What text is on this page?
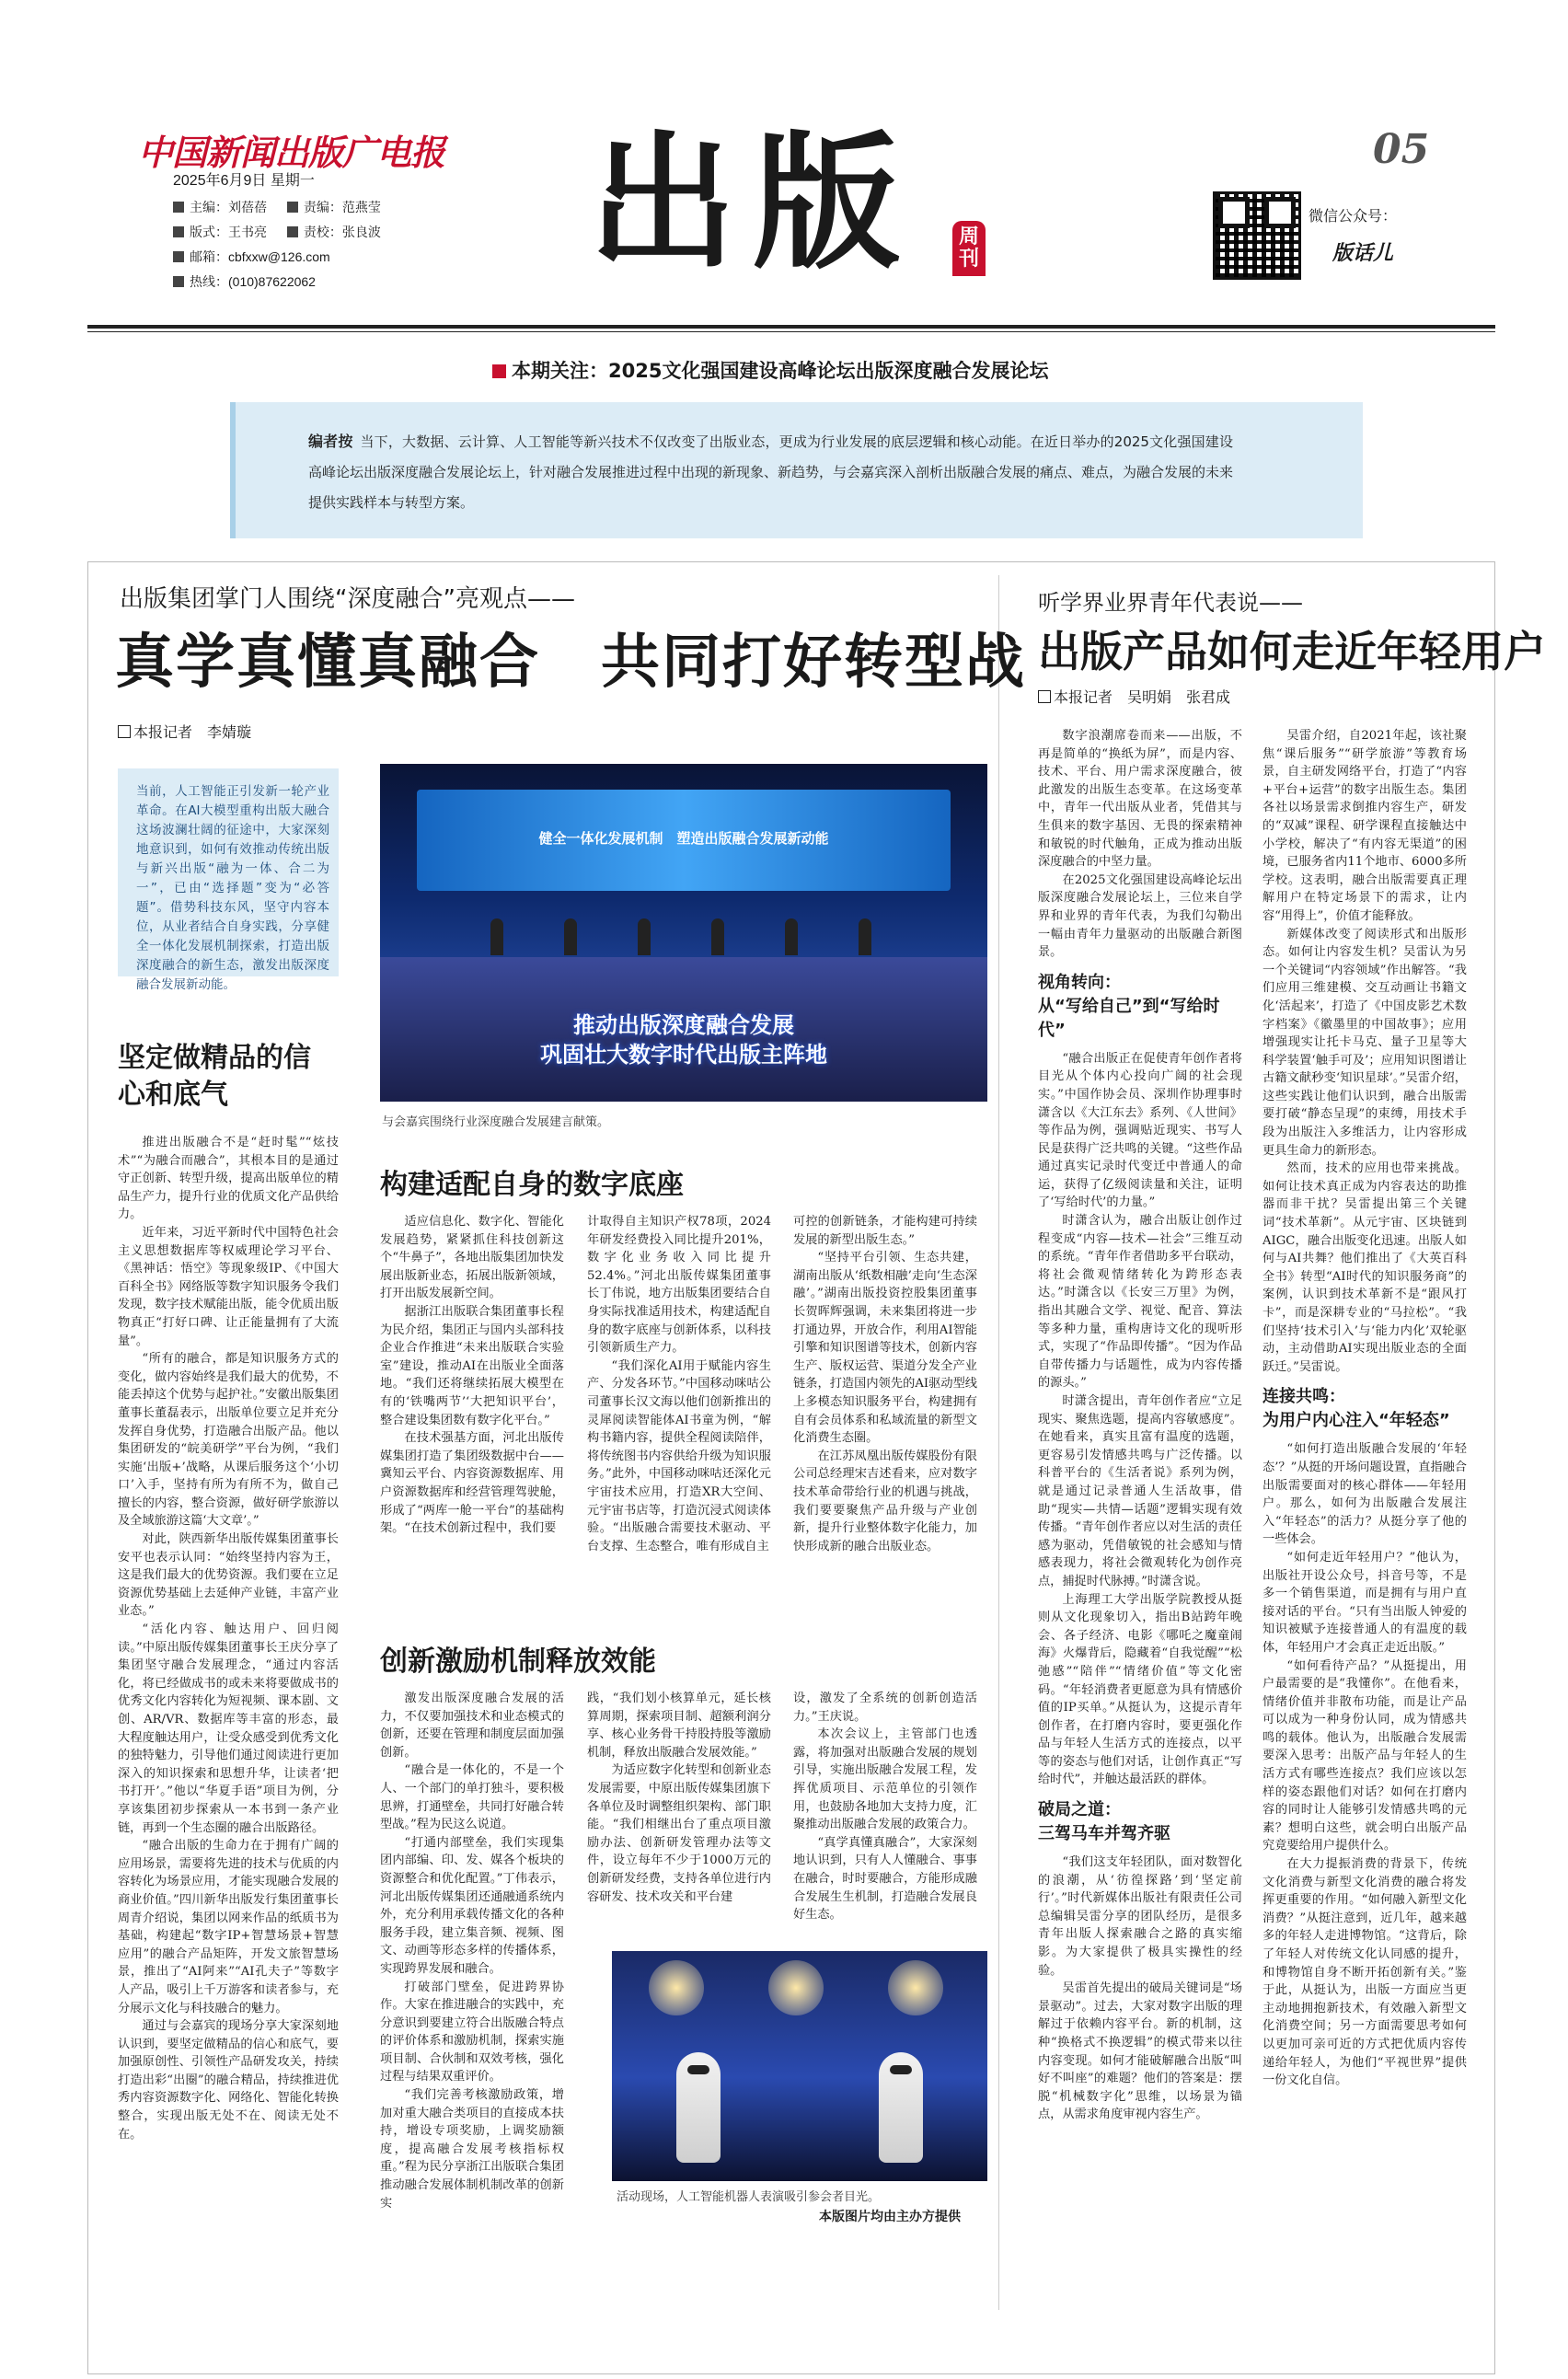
中国新闻出版广电报
2025年6月9日 星期一
主编：刘蓓蓓	责编：范燕莹
版式：王书亮	责校：张良波
邮箱：cbfxxw@126.com
热线：(010)87622062 出版	周刊
05
微信公众号：
版话儿
本期关注：2025文化强国建设高峰论坛出版深度融合发展论坛
编者按 当下，大数据、云计算、人工智能等新兴技术不仅改变了出版业态，更成为行业发展的底层逻辑和核心动能。在近日举办的2025文化强国建设高峰论坛出版深度融合发展论坛上，针对融合发展推进过程中出现的新现象、新趋势，与会嘉宾深入剖析出版融合发展的痛点、难点，为融合发展的未来提供实践样本与转型方案。
出版集团掌门人围绕“深度融合”亮观点——
真学真懂真融合　共同打好转型战
本报记者　李婧璇
当前，人工智能正引发新一轮产业革命。在AI大模型重构出版大融合这场波澜壮阔的征途中，大家深刻地意识到，如何有效推动传统出版与新兴出版“融为一体、合二为一”，已由“选择题”变为“必答题”。借势科技东风，坚守内容本位，从业者结合自身实践，分享健全一体化发展机制探索，打造出版深度融合的新生态，激发出版深度融合发展新动能。
健全一体化发展机制　塑造出版融合发展新动能
推动出版深度融合发展
巩固壮大数字时代出版主阵地
与会嘉宾围绕行业深度融合发展建言献策。
坚定做精品的信心和底气

推进出版融合不是“赶时髦”“炫技术”“为融合而融合”，其根本目的是通过守正创新、转型升级，提高出版单位的精品生产力，提升行业的优质文化产品供给力。

近年来，习近平新时代中国特色社会主义思想数据库等权威理论学习平台、《黑神话：悟空》等现象级IP、《中国大百科全书》网络版等数字知识服务令我们发现，数字技术赋能出版，能令优质出版物真正“打好口碑、让正能量拥有了大流量”。

“所有的融合，都是知识服务方式的变化，做内容始终是我们最大的优势，不能丢掉这个优势与起护社。”安徽出版集团董事长董磊表示，出版单位要立足并充分发挥自身优势，打造融合出版产品。他以集团研发的“皖美研学”平台为例，“我们实施‘出版+’战略，从课后服务这个‘小切口’入手，坚持有所为有所不为，做自己擅长的内容，整合资源，做好研学旅游以及全域旅游这篇‘大文章’。”

对此，陕西新华出版传媒集团董事长安平也表示认同：“始终坚持内容为王，这是我们最大的优势资源。我们要在立足资源优势基础上去延伸产业链，丰富产业业态。”

“活化内容、触达用户、回归阅读。”中原出版传媒集团董事长王庆分享了集团坚守融合发展理念，“通过内容活化，将已经做成书的或未来将要做成书的优秀文化内容转化为短视频、课本剧、文创、AR/VR、数据库等丰富的形态，最大程度触达用户，让受众感受到优秀文化的独特魅力，引导他们通过阅读进行更加深入的知识探索和思想升华，让读者‘把书打开’。”他以“华夏手语”项目为例，分享该集团初步探索从一本书到一条产业链，再到一个生态圈的融合出版路径。

“融合出版的生命力在于拥有广阔的应用场景，需要将先进的技术与优质的内容转化为场景应用，才能实现融合发展的商业价值。”四川新华出版发行集团董事长周青介绍说，集团以网来作品的纸质书为基础，构建起“数字IP+智慧场景+智慧应用”的融合产品矩阵，开发文旅智慧场景，推出了“AI阿来”“AI孔夫子”等数字人产品，吸引上千万游客和读者参与，充分展示文化与科技融合的魅力。

通过与会嘉宾的现场分享大家深刻地认识到，要坚定做精品的信心和底气，要加强原创性、引领性产品研发攻关，持续打造出彩“出圈”的融合精品，持续推进优秀内容资源数字化、网络化、智能化转换整合，实现出版无处不在、阅读无处不在。

构建适配自身的数字底座

适应信息化、数字化、智能化发展趋势，紧紧抓住科技创新这个“牛鼻子”，各地出版集团加快发展出版新业态，拓展出版新领域，打开出版发展新空间。

据浙江出版联合集团董事长程为民介绍，集团正与国内头部科技企业合作推进“未来出版联合实验室”建设，推动AI在出版业全面落地。“我们还将继续拓展大模型在有的‘铁嘴两节’‘大把知识平台’，整合建设集团数有数字化平台。”

在技术强基方面，河北出版传媒集团打造了集团级数据中台——冀知云平台、内容资源数据库、用户资源数据库和经营管理驾驶舱，形成了“两库一舱一平台”的基础构架。“在技术创新过程中，我们要

计取得自主知识产权78项，2024年研发经费投入同比提升201%，数字化业务收入同比提升52.4%。”河北出版传媒集团董事长丁伟说，地方出版集团要结合自身实际找准适用技术，构建适配自身的数字底座与创新体系，以科技引领新质生产力。

“我们深化AI用于赋能内容生产、分发各环节。”中国移动咪咕公司董事长汉文海以他们创新推出的灵犀阅读智能体AI书童为例，“解构书籍内容，提供全程阅读陪伴，将传统图书内容供给升级为知识服务。”此外，中国移动咪咕还深化元宇宙技术应用，打造XR大空间、元宇宙书店等，打造沉浸式阅读体验。“出版融合需要技术驱动、平台支撑、生态整合，唯有形成自主

可控的创新链条，才能构建可持续发展的新型出版生态。”

“坚持平台引领、生态共建，湖南出版从‘纸数相融’走向‘生态深融’。”湖南出版投资控股集团董事长贺晖辉强调，未来集团将进一步打通边界，开放合作，利用AI智能引擎和知识图谱等技术，创新内容生产、版权运营、渠道分发全产业链条，打造国内领先的AI驱动型线上多模态知识服务平台，构建拥有自有会员体系和私域流量的新型文化消费生态圈。

在江苏凤凰出版传媒股份有限公司总经理宋吉述看来，应对数字技术革命带给行业的机遇与挑战，我们要要聚焦产品升级与产业创新，提升行业整体数字化能力，加快形成新的融合出版业态。

创新激励机制释放效能

激发出版深度融合发展的活力，不仅要加强技术和业态模式的创新，还要在管理和制度层面加强创新。

“融合是一体化的，不是一个人、一个部门的单打独斗，要积极思辨，打通壁垒，共同打好融合转型战。”程为民这么说道。

“打通内部壁垒，我们实现集团内部编、印、发、媒各个板块的资源整合和优化配置。”丁伟表示，河北出版传媒集团还通融通系统内外，充分利用承载传播文化的各种服务手段，建立集音频、视频、图文、动画等形态多样的传播体系，实现跨界发展和融合。

打破部门壁垒，促进跨界协作。大家在推进融合的实践中，充分意识到要建立符合出版融合特点的评价体系和激励机制，探索实施项目制、合伙制和双效考核，强化过程与结果双重评价。

“我们完善考核激励政策，增加对重大融合类项目的直接成本扶持，增设专项奖励，上调奖励额度，提高融合发展考核指标权重。”程为民分享浙江出版联合集团推动融合发展体制机制改革的创新实

践，“我们划小核算单元，延长核算周期，探索项目制、超额利润分享、核心业务骨干持股持股等激励机制，释放出版融合发展效能。”

为适应数字化转型和创新业态发展需要，中原出版传媒集团旗下各单位及时调整组织架构、部门职能。“我们相继出台了重点项目激励办法、创新研发管理办法等文件，设立每年不少于1000万元的创新研发经费，支持各单位进行内容研发、技术攻关和平台建

设，激发了全系统的创新创造活力。”王庆说。

本次会议上，主管部门也透露，将加强对出版融合发展的规划引导，实施出版融合发展工程，发挥优质项目、示范单位的引领作用，也鼓励各地加大支持力度，汇聚推动出版融合发展的政策合力。

“真学真懂真融合”，大家深刻地认识到，只有人人懂融合、事事在融合，时时要融合，方能形成融合发展生生机制，打造融合发展良好生态。

活动现场，人工智能机器人表演吸引参会者目光。
本版图片均由主办方提供
听学界业界青年代表说——
出版产品如何走近年轻用户
本报记者　吴明娟　张君成

数字浪潮席卷而来——出版，不再是简单的“换纸为屏”，而是内容、技术、平台、用户需求深度融合，彼此激发的出版生态变革。在这场变革中，青年一代出版从业者，凭借其与生俱来的数字基因、无畏的探索精神和敏锐的时代触角，正成为推动出版深度融合的中坚力量。

在2025文化强国建设高峰论坛出版深度融合发展论坛上，三位来自学界和业界的青年代表，为我们勾勒出一幅由青年力量驱动的出版融合新图景。

视角转向：
从“写给自己”到“写给时代”

“融合出版正在促使青年创作者将目光从个体内心投向广阔的社会现实。”中国作协会员、深圳作协理事时潇含以《大江东去》系列、《人世间》等作品为例，强调贴近现实、书写人民是获得广泛共鸣的关键。“这些作品通过真实记录时代变迁中普通人的命运，获得了亿级阅读量和关注，证明了‘写给时代’的力量。”

时潇含认为，融合出版让创作过程变成“内容—技术—社会”三维互动的系统。“青年作者借助多平台联动，将社会微观情绪转化为跨形态表达。”时潇含以《长安三万里》为例，指出其融合文学、视觉、配音、算法等多种力量，重构唐诗文化的现听形式，实现了“作品即传播”。“因为作品自带传播力与话题性，成为内容传播的源头。”

时潇含提出，青年创作者应“立足现实、聚焦选题，提高内容敏感度”。在她看来，真实且富有温度的选题，更容易引发情感共鸣与广泛传播。以科普平台的《生活者说》系列为例，就是通过记录普通人生活故事，借助“现实—共情—话题”逻辑实现有效传播。“青年创作者应以对生活的责任感为驱动，凭借敏锐的社会感知与情感表现力，将社会微观转化为创作亮点，捕捉时代脉搏。”时潇含说。

上海理工大学出版学院教授从挺则从文化现象切入，指出B站跨年晚会、各子经济、电影《哪吒之魔童闹海》火爆背后，隐藏着“自我觉醒”“松弛感”“陪伴”“情绪价值”等文化密码。“年轻消费者更愿意为具有情感价值的IP买单。”从挺认为，这提示青年创作者，在打磨内容时，要更强化作品与年轻人生活方式的连接点，以平等的姿态与他们对话，让创作真正“写给时代”，并触达最活跃的群体。

破局之道：
三驾马车并驾齐驱

“我们这支年轻团队，面对数智化的浪潮，从‘彷徨探路’到‘坚定前行’。”时代新媒体出版社有限责任公司总编辑吴雷分享的团队经历，是很多青年出版人探索融合之路的真实缩影。为大家提供了极具实操性的经验。

吴雷首先提出的破局关键词是“场景驱动”。过去，大家对数字出版的理解过于依赖内容平台。新的机制，这种“换格式不换逻辑”的模式带来以往内容变现。如何才能破解融合出版“叫好不叫座”的难题？他们的答案是：摆脱“机械数字化”思维，以场景为锚点，从需求角度审视内容生产。

吴雷介绍，自2021年起，该社聚焦“课后服务”“研学旅游”等教育场景，自主研发网络平台，打造了“内容+平台+运营”的数字出版生态。集团各社以场景需求倒推内容生产，研发的“双减”课程、研学课程直接触达中小学校，解决了“有内容无渠道”的困境，已服务省内11个地市、6000多所学校。这表明，融合出版需要真正理解用户在特定场景下的需求，让内容“用得上”，价值才能释放。

新媒体改变了阅读形式和出版形态。如何让内容发生机？吴雷认为另一个关键词“内容领域”作出解答。“我们应用三维建模、交互动画让书籍文化‘活起来’，打造了《中国皮影艺术数字档案》《徽墨里的中国故事》；应用增强现实让托卡马克、量子卫星等大科学装置‘触手可及’；应用知识图谱让古籍文献秒变‘知识星球’。”吴雷介绍，这些实践让他们认识到，融合出版需要打破“静态呈现”的束缚，用技术手段为出版注入多维活力，让内容形成更具生命力的新形态。

然而，技术的应用也带来挑战。如何让技术真正成为内容表达的助推器而非干扰？吴雷提出第三个关键词“技术革新”。从元宇宙、区块链到AIGC，融合出版变化迅速。出版人如何与AI共舞？他们推出了《大英百科全书》转型“AI时代的知识服务商”的案例，认识到技术革新不是“跟风打卡”，而是深耕专业的“马拉松”。“我们坚持‘技术引入’与‘能力内化’双轮驱动，主动借助AI实现出版业态的全面跃迁。”吴雷说。

连接共鸣：
为用户内心注入“年轻态”

“如何打造出版融合发展的‘年轻态’？”从挺的开场问题设置，直指融合出版需要面对的核心群体——年轻用户。那么，如何为出版融合发展注入“年轻态”的活力？从挺分享了他的一些体会。

“如何走近年轻用户？”他认为，出版社开设公众号，抖音号等，不是多一个销售渠道，而是拥有与用户直接对话的平台。“只有当出版人钟爱的知识被赋予连接普通人的有温度的载体，年轻用户才会真正走近出版。”

“如何看待产品？”从挺提出，用户最需要的是“我懂你”。在他看来，情绪价值并非散布功能，而是让产品可以成为一种身份认同，成为情感共鸣的载体。他认为，出版融合发展需要深入思考：出版产品与年轻人的生活方式有哪些连接点？我们应该以怎样的姿态跟他们对话？如何在打磨内容的同时让人能够引发情感共鸣的元素？想明白这些，就会明白出版产品究竟要给用户提供什么。

在大力提振消费的背景下，传统文化消费与新型文化消费的融合将发挥更重要的作用。“如何融入新型文化消费？”从挺注意到，近几年，越来越多的年轻人走进博物馆。“这背后，除了年轻人对传统文化认同感的提升，和博物馆自身不断开拓创新有关。”鉴于此，从挺认为，出版一方面应当更主动地拥抱新技术，有效融入新型文化消费空间；另一方面需要思考如何以更加可亲可近的方式把优质内容传递给年轻人，为他们“平视世界”提供一份文化自信。
